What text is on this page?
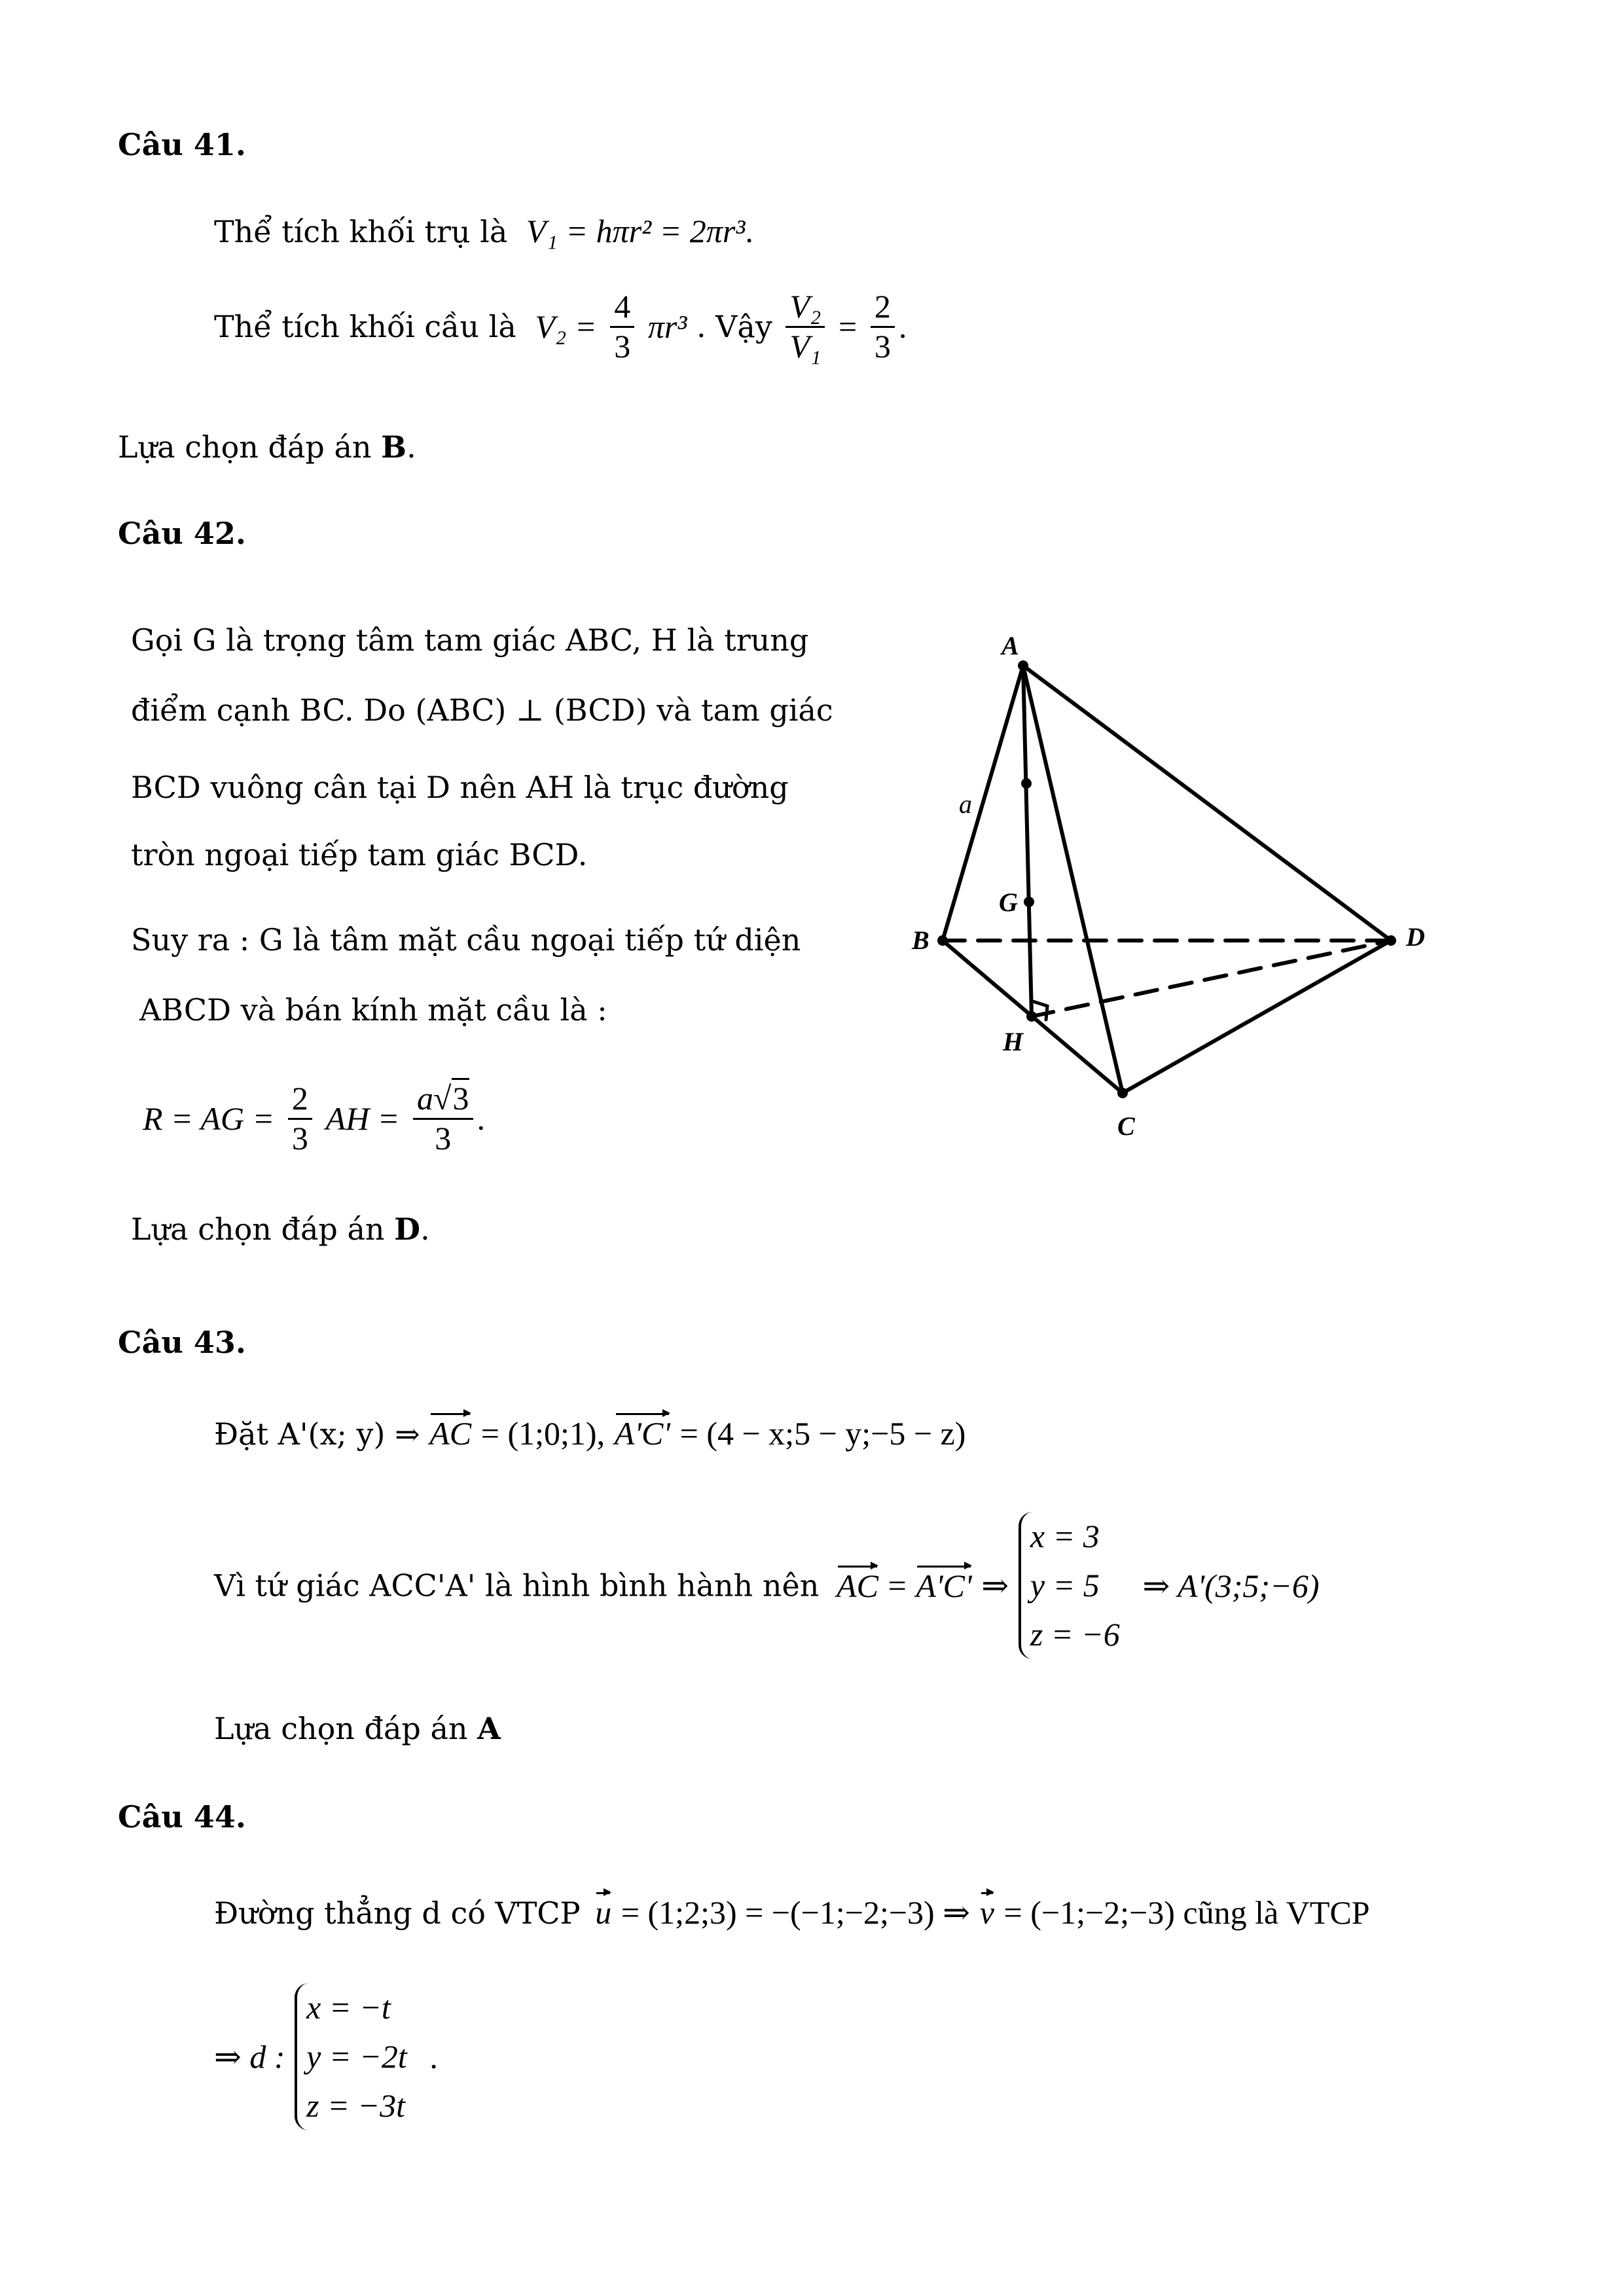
Câu 41.
Thể tích khối trụ là V₁ = hπr² = 2πr³.
Thể tích khối cầu là $V_2 = \frac{4}{3} \pi r^3$ . Vậy $\frac{\text{V₂}}{\text{V₁}} = \frac{2}{3}$ .
Lựa chọn đáp án B.
Câu 42.
Gọi G là trọng tâm tam giác ABC, H là trung
điểm cạnh BC. Do (ABC) ⊥ (BCD) và tam giác
BCD vuông cân tại D nên AH là trục đường
tròn ngoại tiếp tam giác BCD.
Suy ra : G là tâm mặt cầu ngoại tiếp tứ diện
ABCD và bán kính mặt cầu là :
R = AG = $\frac{2}{3}$ AH = $\frac{a√3}{3}$ .
Lựa chọn đáp án D.
A
B
C
D
G
H
a
Câu 43.
Đặt A'(x; y) ⇒ AC = (1;0;1), A'C' = (4 − x;5 − y;−5 − z)
Vì tứ giác ACC'A' là hình bình hành nên AC = A'C' ⇒
x = 3
y = 5
z = −6
⇒ A'(3;5;−6)
Lựa chọn đáp án A
Câu 44.
Đường thẳng d có VTCP u = (1;2;3) = −(−1;−2;−3) ⇒ v = (−1;−2;−3) cũng là VTCP
⇒ d :
x = −t
y = −2t
z = −3t
.
